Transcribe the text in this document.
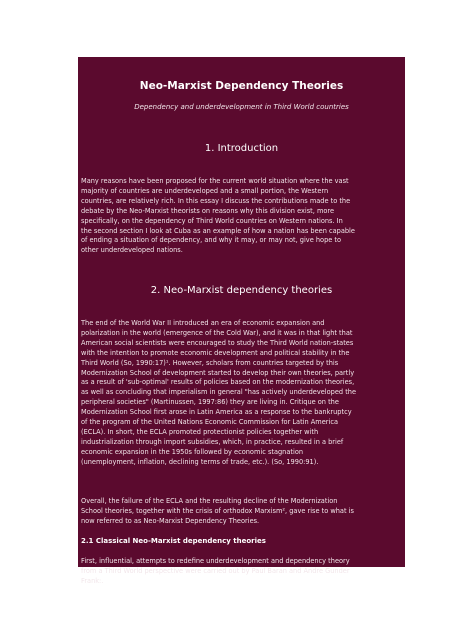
Neo-Marxist Dependency Theories
Dependency and underdevelopment in Third World countries
1. Introduction
Many reasons have been proposed for the current world situation where the vast
majority of countries are underdeveloped and a small portion, the Western
countries, are relatively rich. In this essay I discuss the contributions made to the
debate by the Neo-Marxist theorists on reasons why this division exist, more
specifically, on the dependency of Third World countries on Western nations. In
the second section I look at Cuba as an example of how a nation has been capable
of ending a situation of dependency, and why it may, or may not, give hope to
other underdeveloped nations.
2. Neo-Marxist dependency theories
The end of the World War II introduced an era of economic expansion and
polarization in the world (emergence of the Cold War), and it was in that light that
American social scientists were encouraged to study the Third World nation-states
with the intention to promote economic development and political stability in the
Third World (So, 1990:17)¹. However, scholars from countries targeted by this
Modernization School of development started to develop their own theories, partly
as a result of 'sub-optimal' results of policies based on the modernization theories,
as well as concluding that imperialism in general "has actively underdeveloped the
peripheral societies" (Martinussen, 1997:86) they are living in. Critique on the
Modernization School first arose in Latin America as a response to the bankruptcy
of the program of the United Nations Economic Commission for Latin America
(ECLA). In short, the ECLA promoted protectionist policies together with
industrialization through import subsidies, which, in practice, resulted in a brief
economic expansion in the 1950s followed by economic stagnation
(unemployment, inflation, declining terms of trade, etc.). (So, 1990:91).
Overall, the failure of the ECLA and the resulting decline of the Modernization
School theories, together with the crisis of orthodox Marxism², gave rise to what is
now referred to as Neo-Marxist Dependency Theories.
2.1 Classical Neo-Marxist dependency theories
First, influential, attempts to redefine underdevelopment and dependency theory
from a Third World perspective were carried out by Paul Baran and Andre Gunder
Frank:.
